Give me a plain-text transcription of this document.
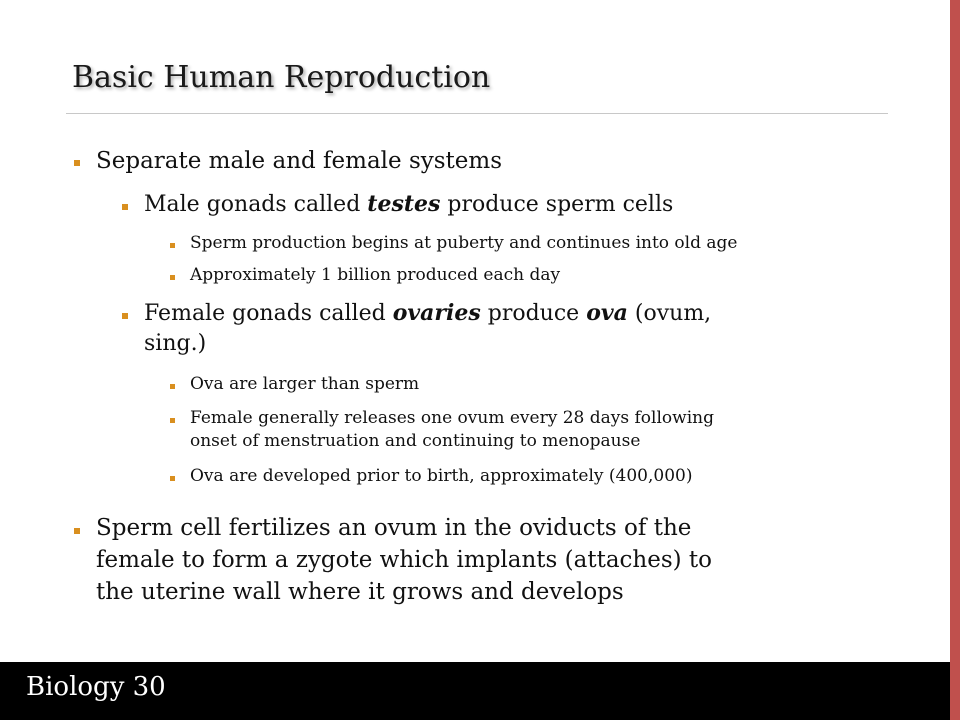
Basic Human Reproduction
Separate male and female systems
Male gonads called testes produce sperm cells
Sperm production begins at puberty and continues into old age
Approximately 1 billion produced each day
Female gonads called ovaries produce ova (ovum,
sing.)
Ova are larger than sperm
Female generally releases one ovum every 28 days following
onset of menstruation and continuing to menopause
Ova are developed prior to birth, approximately (400,000)
Sperm cell fertilizes an ovum in the oviducts of the
female to form a zygote which implants (attaches) to
the uterine wall where it grows and develops
Biology 30
